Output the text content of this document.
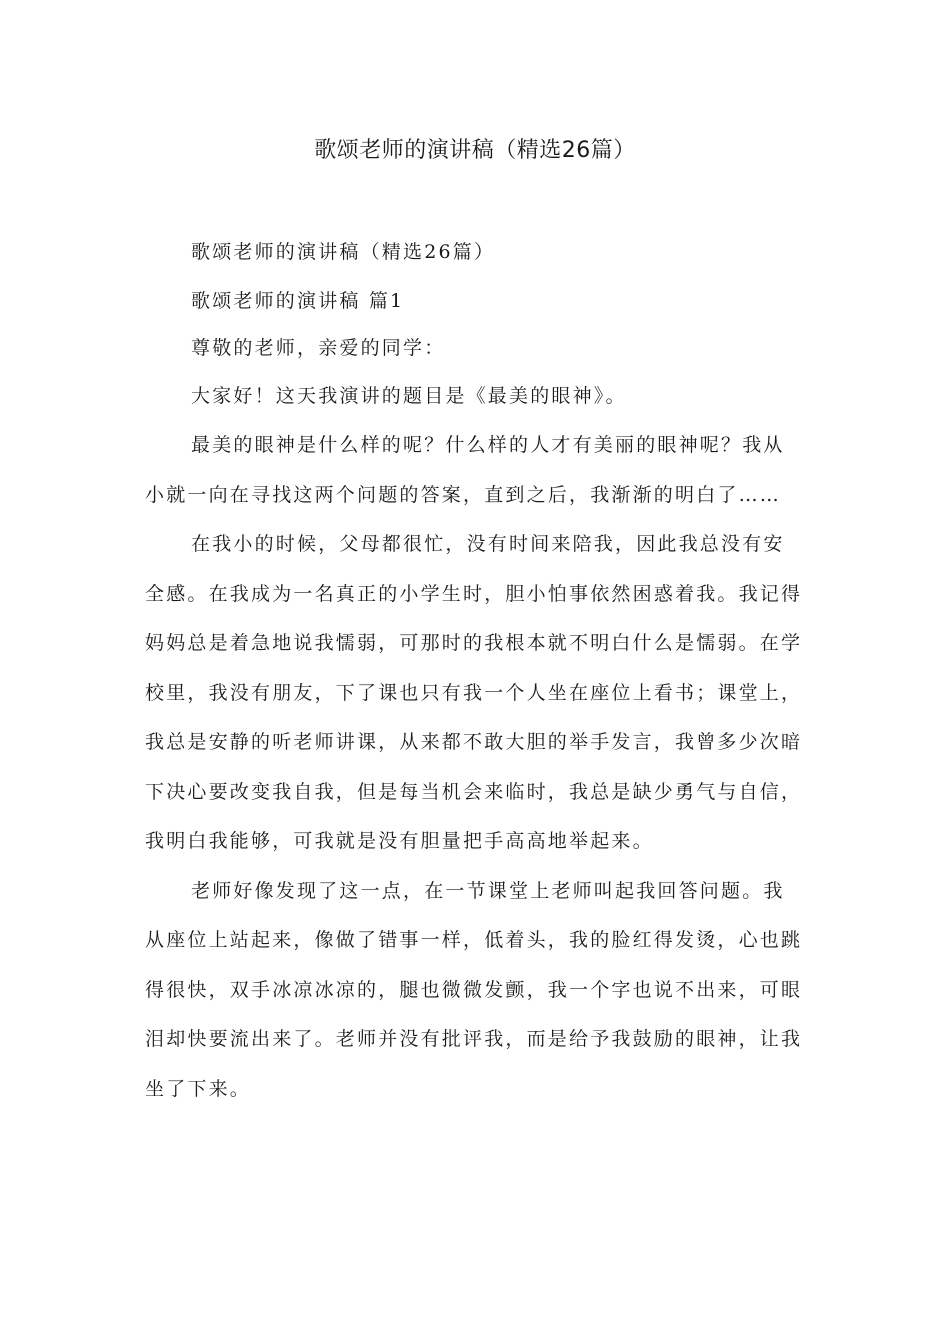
歌颂老师的演讲稿（精选26篇）

歌颂老师的演讲稿（精选26篇）

歌颂老师的演讲稿 篇1

尊敬的老师，亲爱的同学：

大家好！这天我演讲的题目是《最美的眼神》。

最美的眼神是什么样的呢？什么样的人才有美丽的眼神呢？我从小就一向在寻找这两个问题的答案，直到之后，我渐渐的明白了……

在我小的时候，父母都很忙，没有时间来陪我，因此我总没有安全感。在我成为一名真正的小学生时，胆小怕事依然困惑着我。我记得妈妈总是着急地说我懦弱，可那时的我根本就不明白什么是懦弱。在学校里，我没有朋友，下了课也只有我一个人坐在座位上看书；课堂上，我总是安静的听老师讲课，从来都不敢大胆的举手发言，我曾多少次暗下决心要改变我自我，但是每当机会来临时，我总是缺少勇气与自信，我明白我能够，可我就是没有胆量把手高高地举起来。

老师好像发现了这一点，在一节课堂上老师叫起我回答问题。我从座位上站起来，像做了错事一样，低着头，我的脸红得发烫，心也跳得很快，双手冰凉冰凉的，腿也微微发颤，我一个字也说不出来，可眼泪却快要流出来了。老师并没有批评我，而是给予我鼓励的眼神，让我坐了下来。
